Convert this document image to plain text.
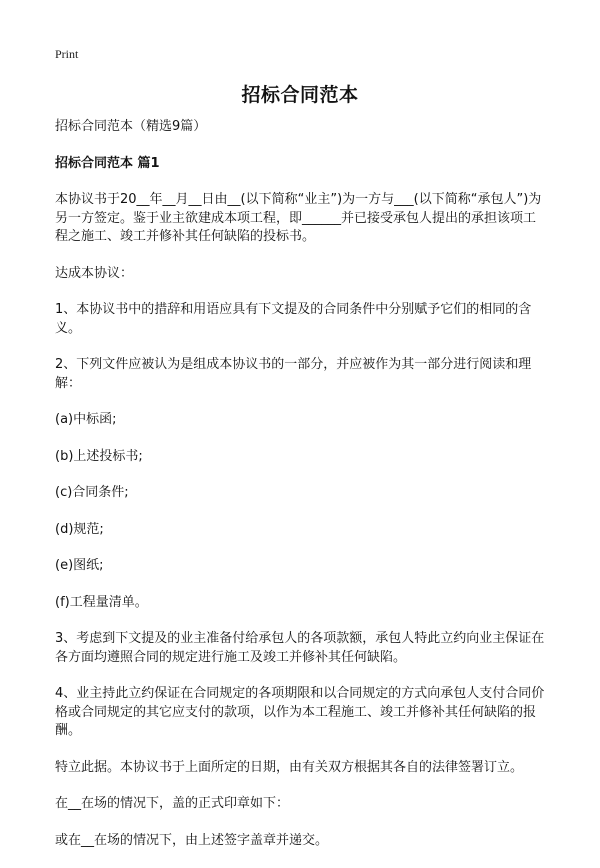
Print
招标合同范本

招标合同范本（精选9篇）

招标合同范本 篇1

本协议书于20__年__月__日由__(以下简称“业主”)为一方与___(以下简称“承包人”)为另一方签定。鉴于业主欲建成本项工程，即______并已接受承包人提出的承担该项工程之施工、竣工并修补其任何缺陷的投标书。

达成本协议：

1、本协议书中的措辞和用语应具有下文提及的合同条件中分别赋予它们的相同的含义。

2、下列文件应被认为是组成本协议书的一部分，并应被作为其一部分进行阅读和理解：

(a)中标函;

(b)上述投标书;

(c)合同条件;

(d)规范;

(e)图纸;

(f)工程量清单。

3、考虑到下文提及的业主准备付给承包人的各项款额，承包人特此立约向业主保证在各方面均遵照合同的规定进行施工及竣工并修补其任何缺陷。

4、业主持此立约保证在合同规定的各项期限和以合同规定的方式向承包人支付合同价格或合同规定的其它应支付的款项，以作为本工程施工、竣工并修补其任何缺陷的报酬。

特立此据。本协议书于上面所定的日期，由有关双方根据其各自的法律签署订立。

在__在场的情况下，盖的正式印章如下：

或在__在场的情况下，由上述签字盖章并递交。
